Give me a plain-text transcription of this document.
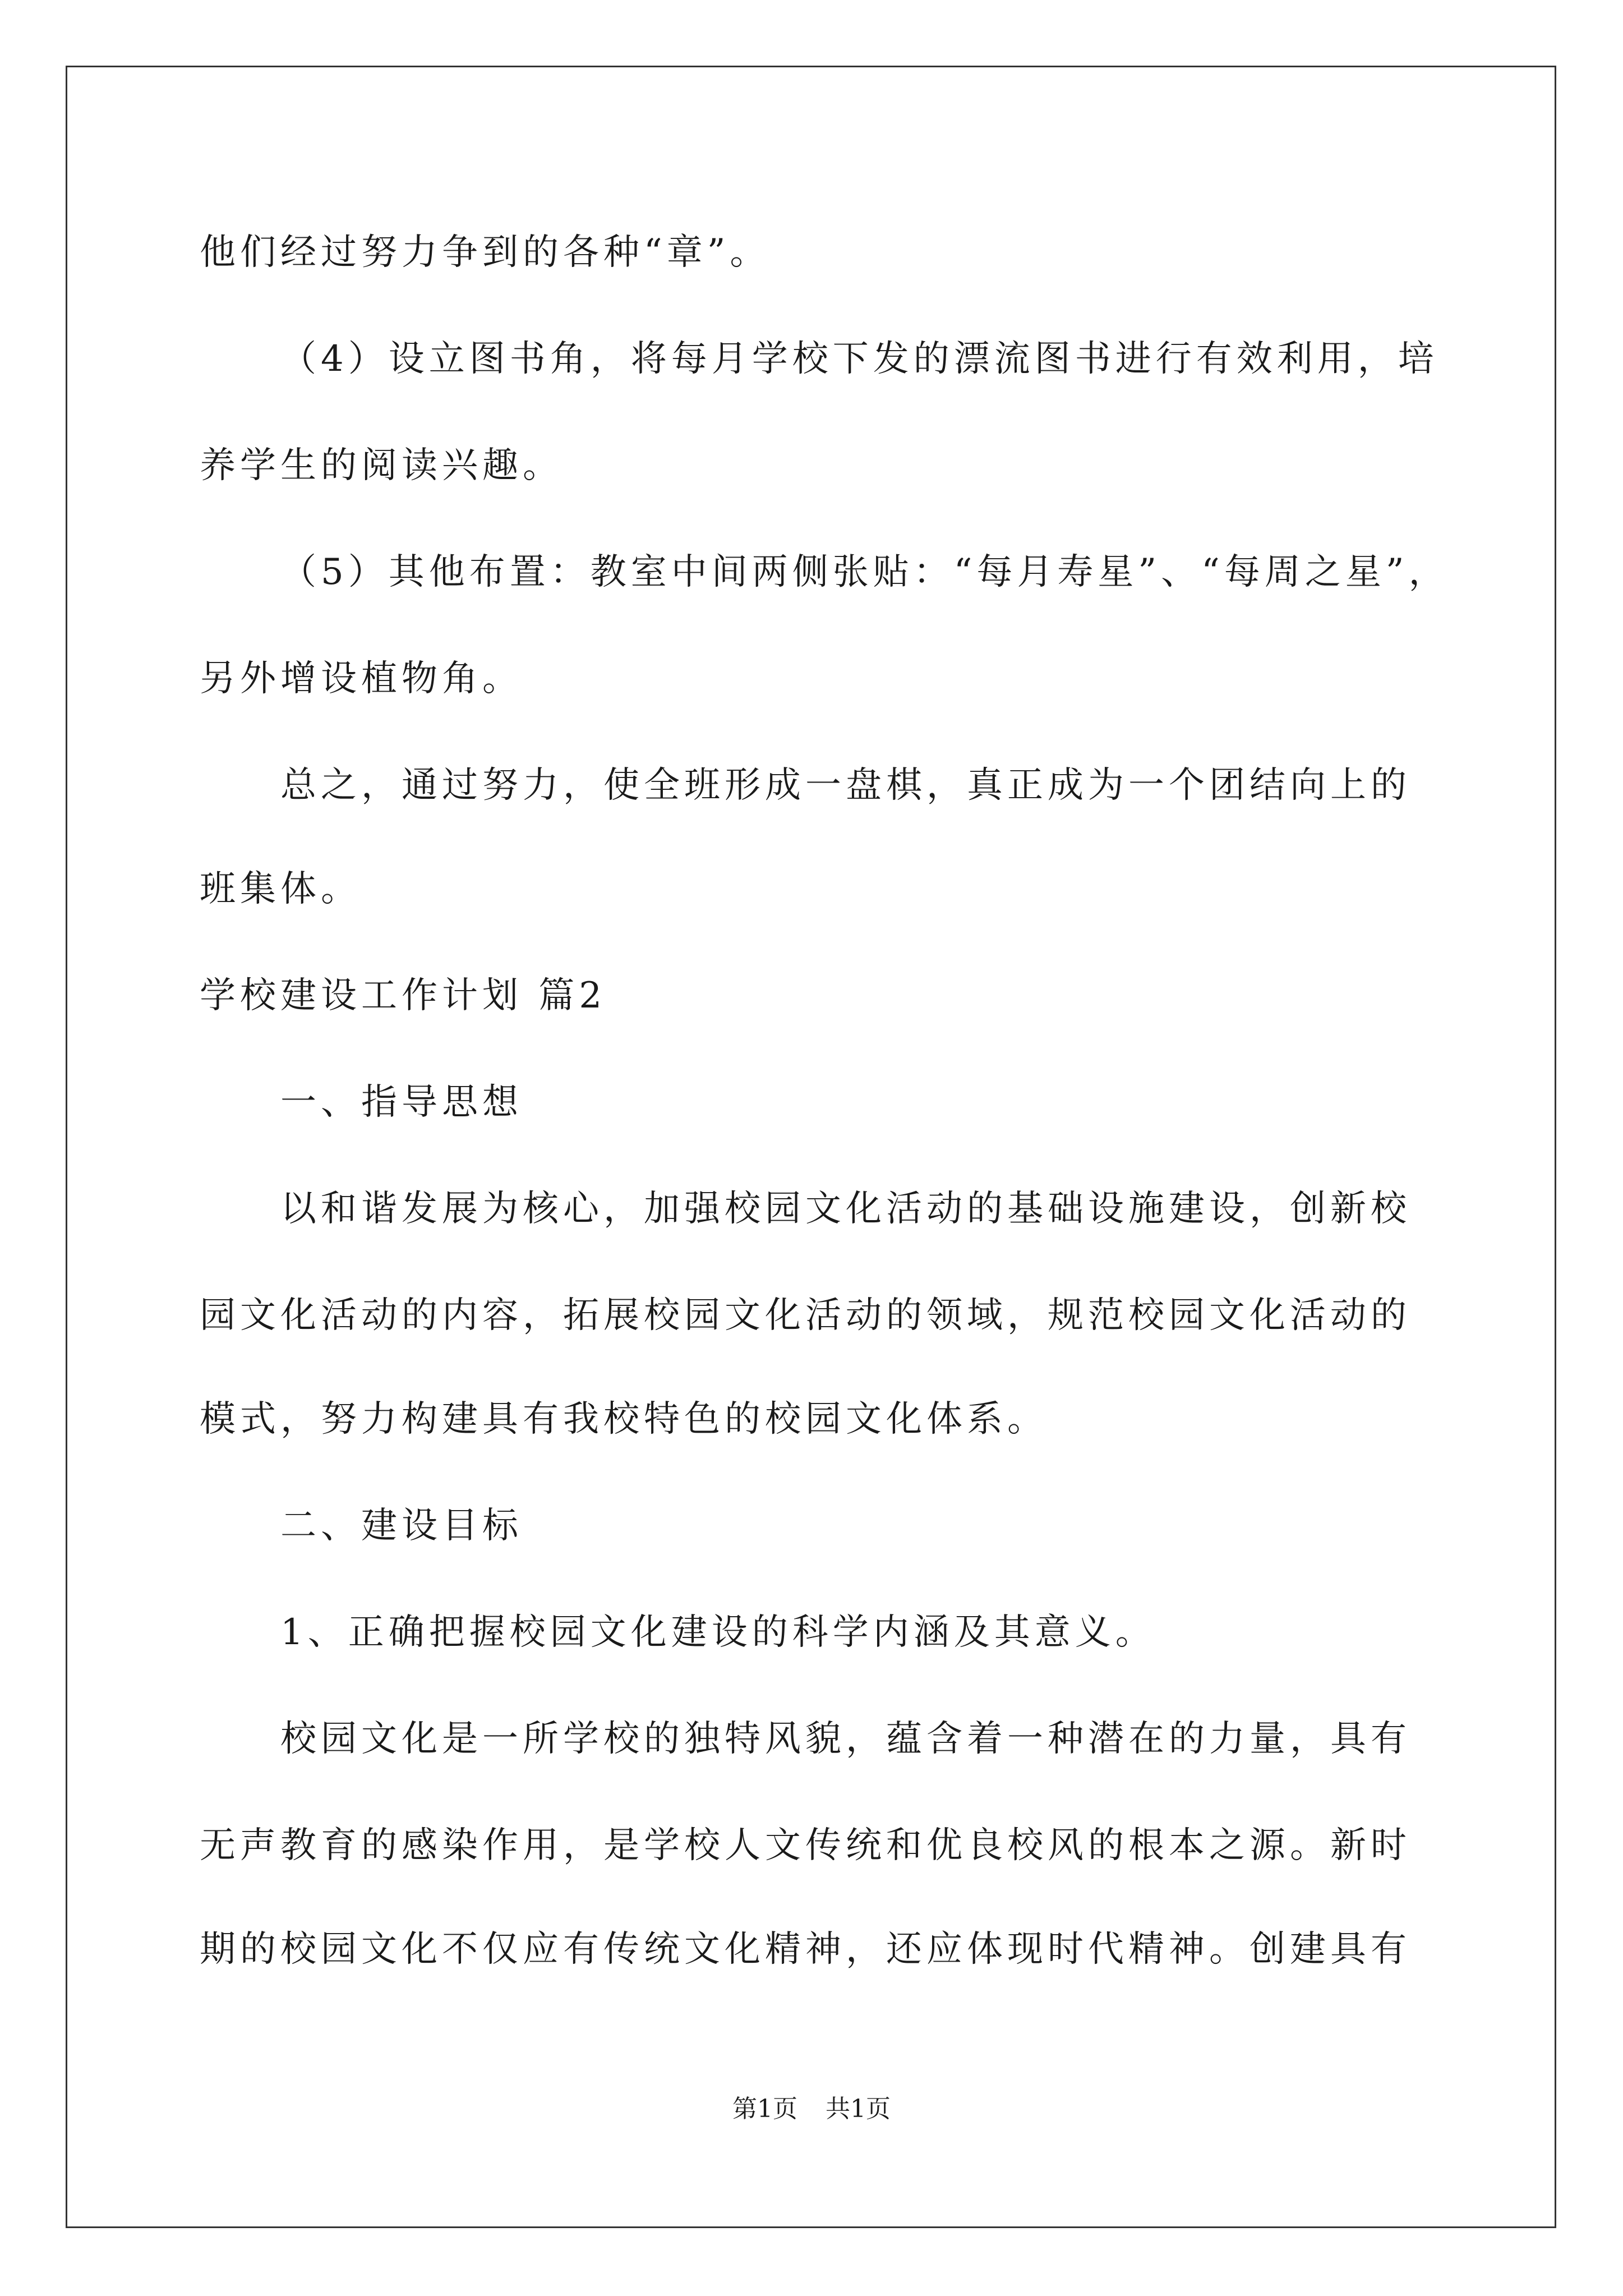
他们经过努力争到的各种“章”。
（4）设立图书角，将每月学校下发的漂流图书进行有效利用，培
养学生的阅读兴趣。
（5）其他布置：教室中间两侧张贴：“每月寿星”、“每周之星”，
另外增设植物角。
总之，通过努力，使全班形成一盘棋，真正成为一个团结向上的
班集体。
学校建设工作计划 篇2
一、指导思想
以和谐发展为核心，加强校园文化活动的基础设施建设，创新校
园文化活动的内容，拓展校园文化活动的领域，规范校园文化活动的
模式，努力构建具有我校特色的校园文化体系。
二、建设目标
1、正确把握校园文化建设的科学内涵及其意义。
校园文化是一所学校的独特风貌，蕴含着一种潜在的力量，具有
无声教育的感染作用，是学校人文传统和优良校风的根本之源。新时
期的校园文化不仅应有传统文化精神，还应体现时代精神。创建具有
第1页 共1页
